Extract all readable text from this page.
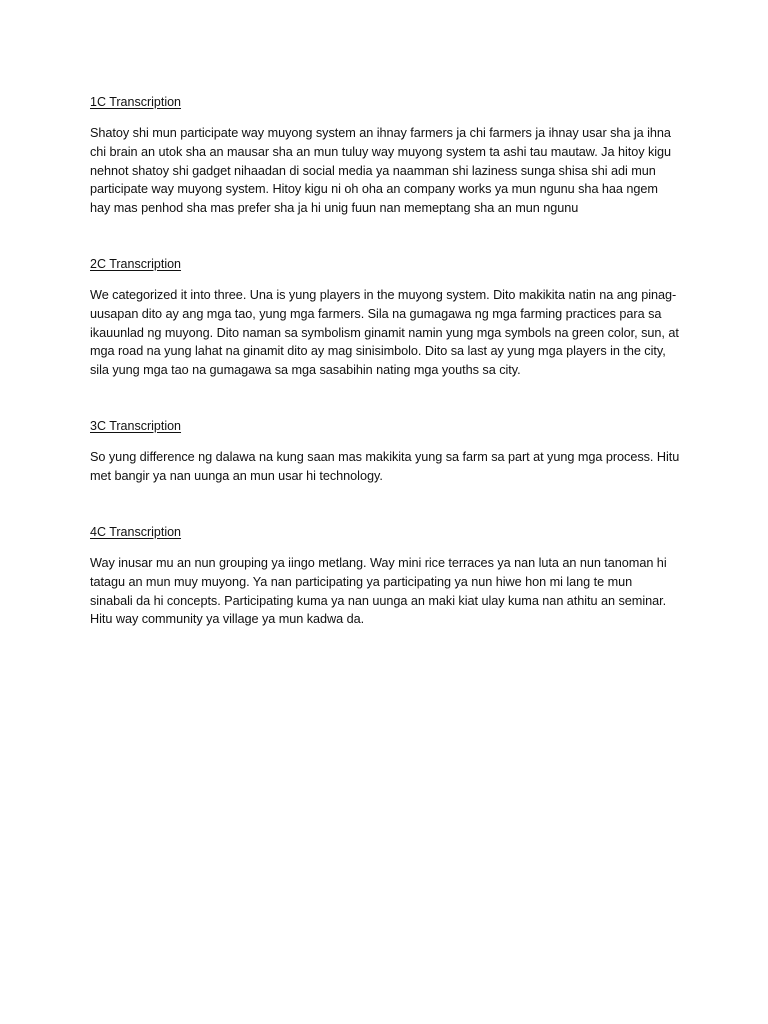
1C Transcription

Shatoy shi mun participate way muyong system an ihnay farmers ja chi farmers ja ihnay usar sha ja ihna
chi brain an utok sha an mausar sha an mun tuluy way muyong system ta ashi tau mautaw. Ja hitoy kigu
nehnot shatoy shi gadget nihaadan di social media ya naamman shi laziness sunga shisa shi adi mun
participate way muyong system. Hitoy kigu ni oh oha an company works ya mun ngunu sha haa ngem
hay mas penhod sha mas prefer sha ja hi unig fuun nan memeptang sha an mun ngunu

2C Transcription

We categorized it into three. Una is yung players in the muyong system. Dito makikita natin na ang pinag-
uusapan dito ay ang mga tao, yung mga farmers. Sila na gumagawa ng mga farming practices para sa
ikauunlad ng muyong. Dito naman sa symbolism ginamit namin yung mga symbols na green color, sun, at
mga road na yung lahat na ginamit dito ay mag sinisimbolo. Dito sa last ay yung mga players in the city,
sila yung mga tao na gumagawa sa mga sasabihin nating mga youths sa city.

3C Transcription

So yung difference ng dalawa na kung saan mas makikita yung sa farm sa part at yung mga process. Hitu
met bangir ya nan uunga an mun usar hi technology.

4C Transcription

Way inusar mu an nun grouping ya iingo metlang. Way mini rice terraces ya nan luta an nun tanoman hi
tatagu an mun muy muyong. Ya nan participating ya participating ya nun hiwe hon mi lang te mun
sinabali da hi concepts. Participating kuma ya nan uunga an maki kiat ulay kuma nan athitu an seminar.
Hitu way community ya village ya mun kadwa da.
